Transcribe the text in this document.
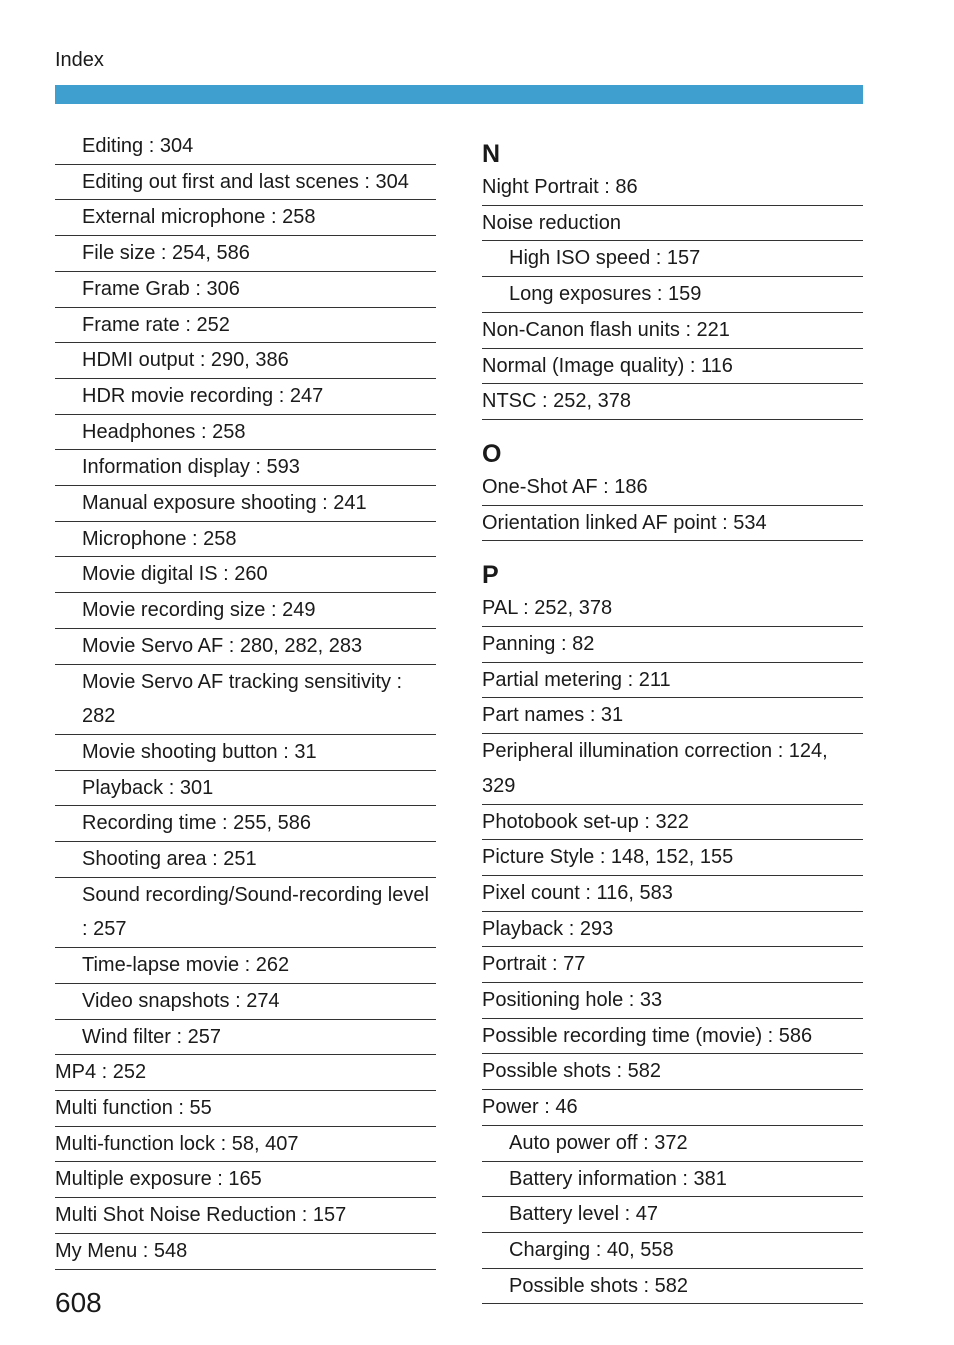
Index
Editing : 304
Editing out first and last scenes : 304
External microphone : 258
File size : 254, 586
Frame Grab : 306
Frame rate : 252
HDMI output : 290, 386
HDR movie recording : 247
Headphones : 258
Information display : 593
Manual exposure shooting : 241
Microphone : 258
Movie digital IS : 260
Movie recording size : 249
Movie Servo AF : 280, 282, 283
Movie Servo AF tracking sensitivity : 282
Movie shooting button : 31
Playback : 301
Recording time : 255, 586
Shooting area : 251
Sound recording/Sound-recording level : 257
Time-lapse movie : 262
Video snapshots : 274
Wind filter : 257
MP4 : 252
Multi function : 55
Multi-function lock : 58, 407
Multiple exposure : 165
Multi Shot Noise Reduction : 157
My Menu : 548
N
Night Portrait : 86
Noise reduction
High ISO speed : 157
Long exposures : 159
Non-Canon flash units : 221
Normal (Image quality) : 116
NTSC : 252, 378
O
One-Shot AF : 186
Orientation linked AF point : 534
P
PAL : 252, 378
Panning : 82
Partial metering : 211
Part names : 31
Peripheral illumination correction : 124, 329
Photobook set-up : 322
Picture Style : 148, 152, 155
Pixel count : 116, 583
Playback : 293
Portrait : 77
Positioning hole : 33
Possible recording time (movie) : 586
Possible shots : 582
Power : 46
Auto power off : 372
Battery information : 381
Battery level : 47
Charging : 40, 558
Possible shots : 582
608
